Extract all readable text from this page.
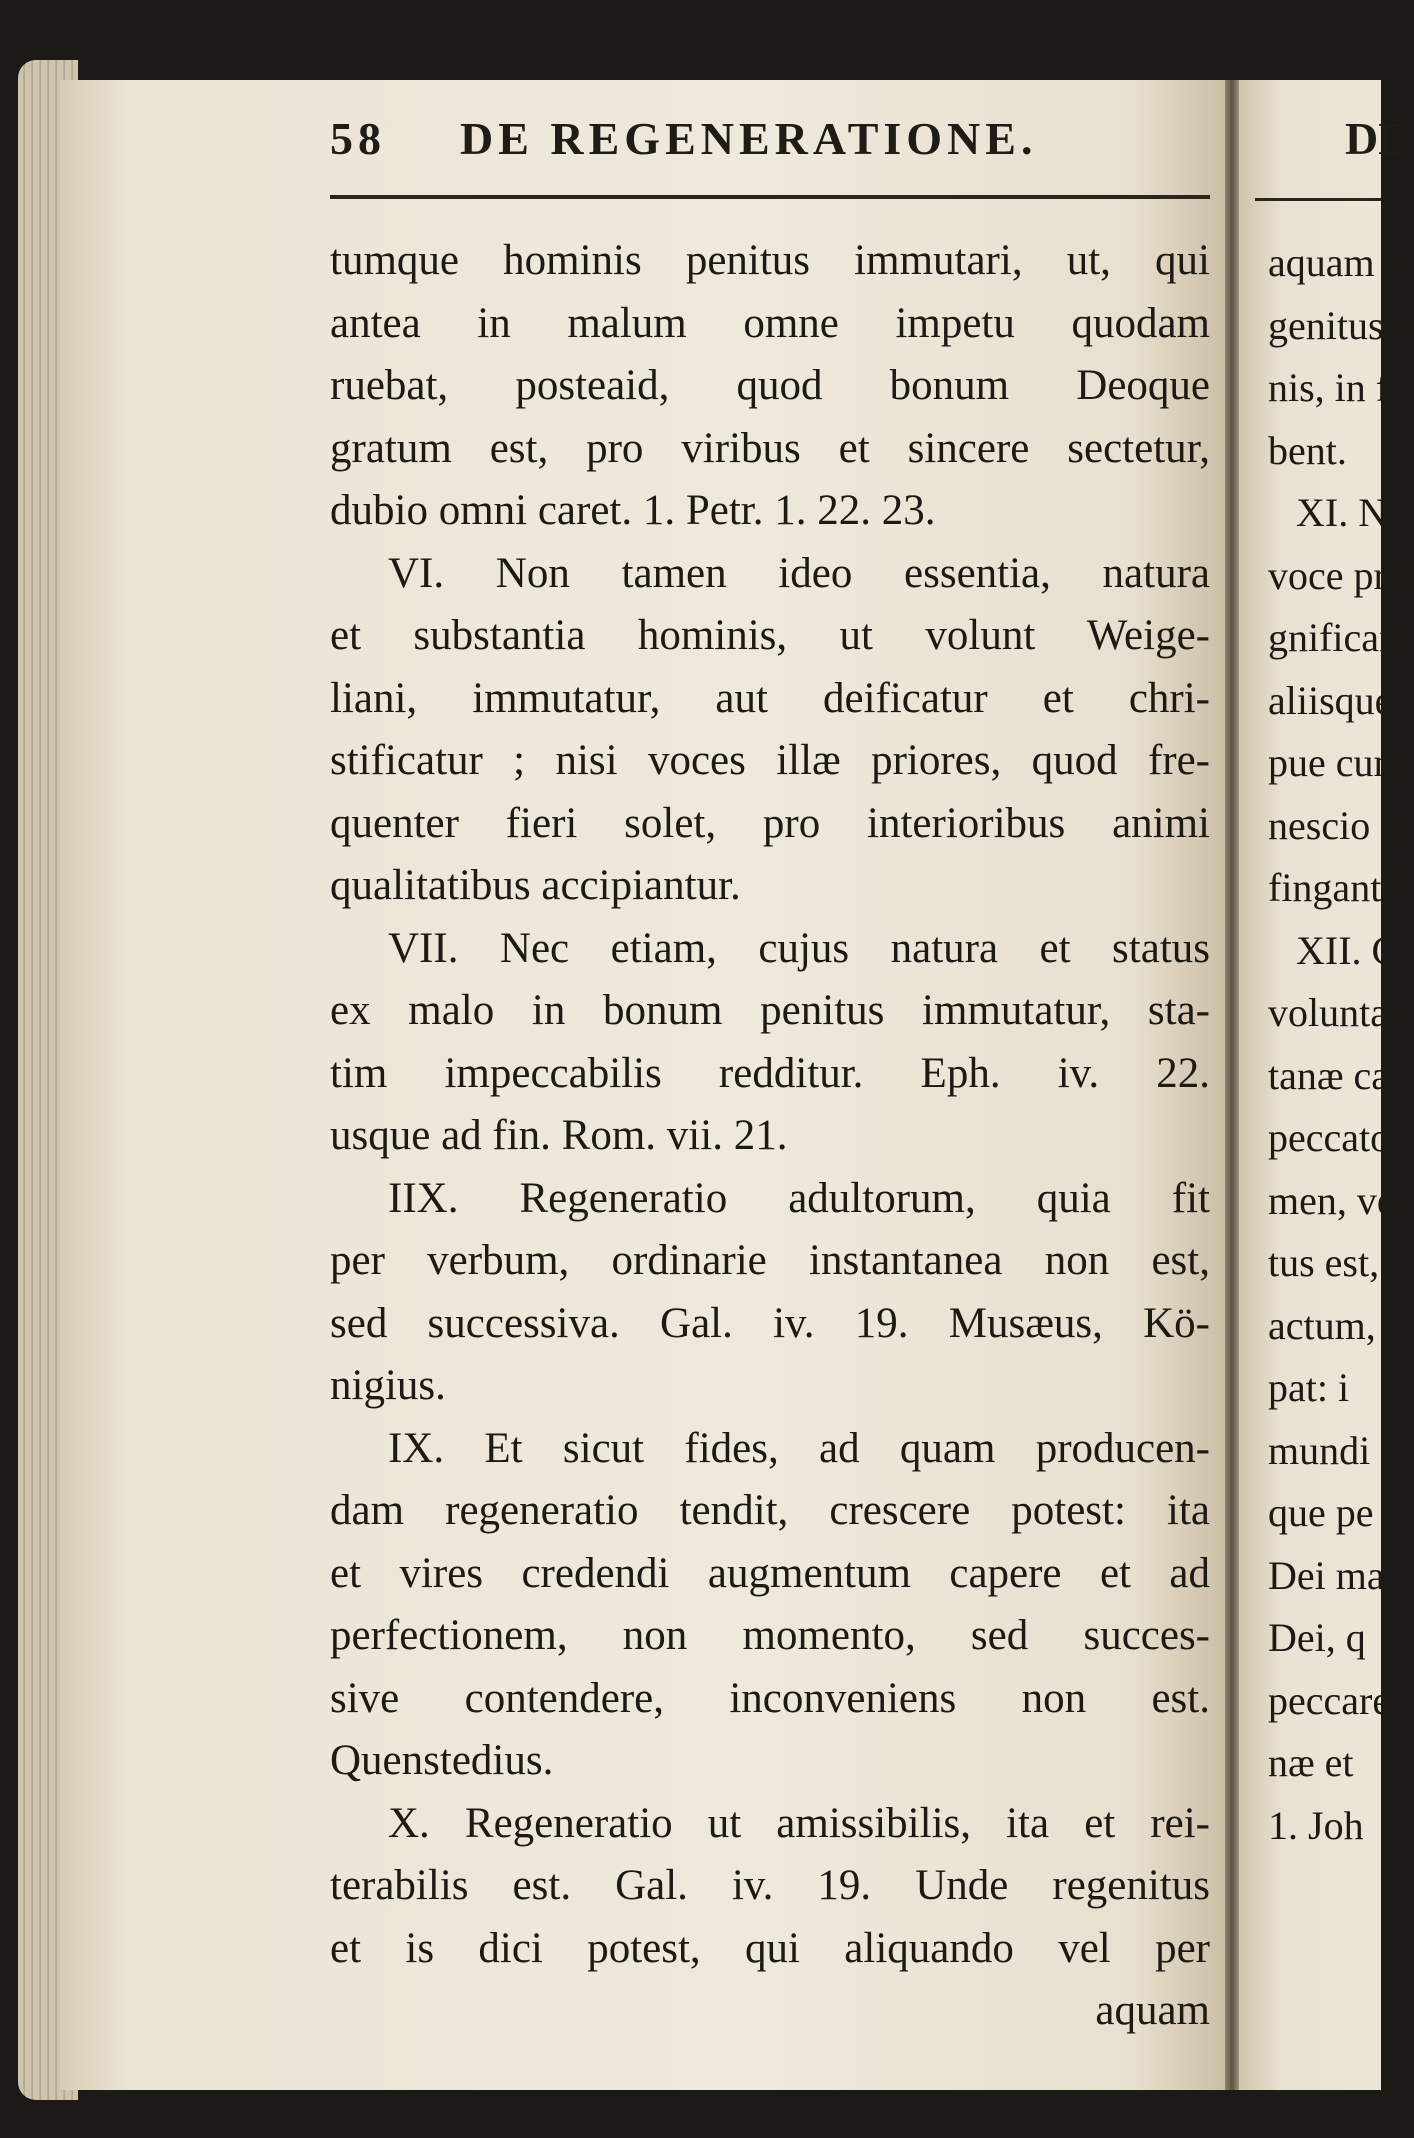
58 DE REGENERATIONE.
tumque hominis penitus immutari, ut, qui
antea in malum omne impetu quodam
ruebat, posteaid, quod bonum Deoque
gratum est, pro viribus et sincere sectetur,
dubio omni caret. 1. Petr. 1. 22. 23.
VI. Non tamen ideo essentia, natura
et substantia hominis, ut volunt Weige-
liani, immutatur, aut deificatur et chri-
stificatur ; nisi voces illæ priores, quod fre-
quenter fieri solet, pro interioribus animi
qualitatibus accipiantur.
VII. Nec etiam, cujus natura et status
ex malo in bonum penitus immutatur, sta-
tim impeccabilis redditur. Eph. iv. 22.
usque ad fin. Rom. vii. 21.
IIX. Regeneratio adultorum, quia fit
per verbum, ordinarie instantanea non est,
sed successiva. Gal. iv. 19. Musæus, Kö-
nigius.
IX. Et sicut fides, ad quam producen-
dam regeneratio tendit, crescere potest: ita
et vires credendi augmentum capere et ad
perfectionem, non momento, sed succes-
sive contendere, inconveniens non est.
Quenstedius.
X. Regeneratio ut amissibilis, ita et rei-
terabilis est. Gal. iv. 19. Unde regenitus
et is dici potest, qui aliquando vel per
aquam
DE
aquam v
genitus e
nis, in f
bent.
XI. N
voce præ
gnifican
aliisque
pue cum
nescio q
fingant f
XII. C
voluntar
tanæ ca
peccato
men, ve
tus est,
actum,
pat: i
mundi
que pe
Dei ma
Dei, q
peccare
næ et
1. Joh
